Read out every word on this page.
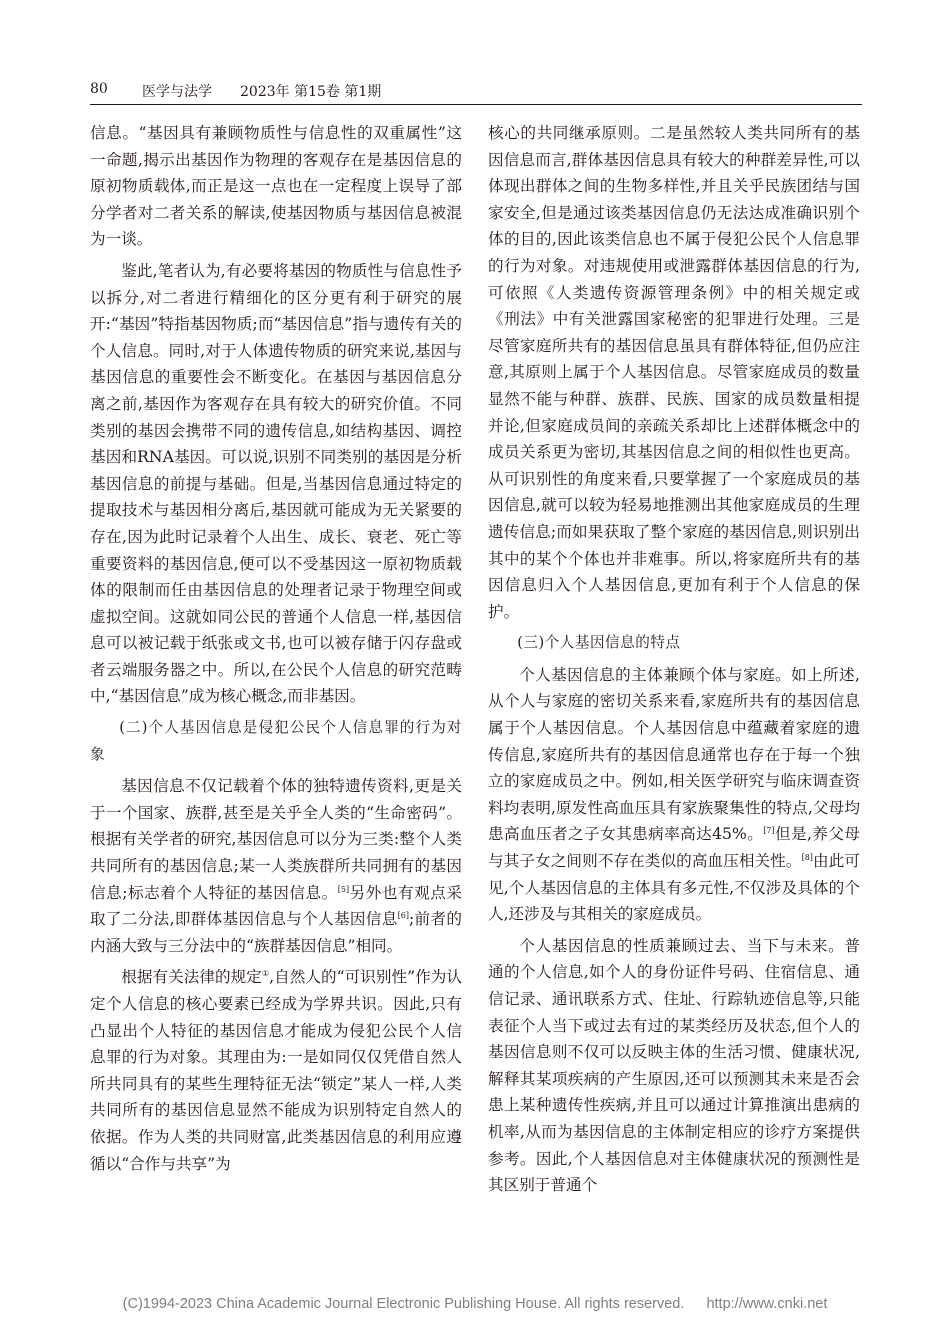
80 医学与法学 2023年 第15卷 第1期

信息。“基因具有兼顾物质性与信息性的双重属性”这一命题,揭示出基因作为物理的客观存在是基因信息的原初物质载体,而正是这一点也在一定程度上误导了部分学者对二者关系的解读,使基因物质与基因信息被混为一谈。

鉴此,笔者认为,有必要将基因的物质性与信息性予以拆分,对二者进行精细化的区分更有利于研究的展开:“基因”特指基因物质;而“基因信息”指与遗传有关的个人信息。同时,对于人体遗传物质的研究来说,基因与基因信息的重要性会不断变化。在基因与基因信息分离之前,基因作为客观存在具有较大的研究价值。不同类别的基因会携带不同的遗传信息,如结构基因、调控基因和RNA基因。可以说,识别不同类别的基因是分析基因信息的前提与基础。但是,当基因信息通过特定的提取技术与基因相分离后,基因就可能成为无关紧要的存在,因为此时记录着个人出生、成长、衰老、死亡等重要资料的基因信息,便可以不受基因这一原初物质载体的限制而任由基因信息的处理者记录于物理空间或虚拟空间。这就如同公民的普通个人信息一样,基因信息可以被记载于纸张或文书,也可以被存储于闪存盘或者云端服务器之中。所以,在公民个人信息的研究范畴中,“基因信息”成为核心概念,而非基因。

(二)个人基因信息是侵犯公民个人信息罪的行为对象

基因信息不仅记载着个体的独特遗传资料,更是关于一个国家、族群,甚至是关乎全人类的“生命密码”。根据有关学者的研究,基因信息可以分为三类:整个人类共同所有的基因信息;某一人类族群所共同拥有的基因信息;标志着个人特征的基因信息。[5]另外也有观点采取了二分法,即群体基因信息与个人基因信息[6];前者的内涵大致与三分法中的“族群基因信息”相同。

根据有关法律的规定①,自然人的“可识别性”作为认定个人信息的核心要素已经成为学界共识。因此,只有凸显出个人特征的基因信息才能成为侵犯公民个人信息罪的行为对象。其理由为:一是如同仅仅凭借自然人所共同具有的某些生理特征无法“锁定”某人一样,人类共同所有的基因信息显然不能成为识别特定自然人的依据。作为人类的共同财富,此类基因信息的利用应遵循以“合作与共享”为

核心的共同继承原则。二是虽然较人类共同所有的基因信息而言,群体基因信息具有较大的种群差异性,可以体现出群体之间的生物多样性,并且关乎民族团结与国家安全,但是通过该类基因信息仍无法达成准确识别个体的目的,因此该类信息也不属于侵犯公民个人信息罪的行为对象。对违规使用或泄露群体基因信息的行为,可依照《人类遗传资源管理条例》中的相关规定或《刑法》中有关泄露国家秘密的犯罪进行处理。三是尽管家庭所共有的基因信息虽具有群体特征,但仍应注意,其原则上属于个人基因信息。尽管家庭成员的数量显然不能与种群、族群、民族、国家的成员数量相提并论,但家庭成员间的亲疏关系却比上述群体概念中的成员关系更为密切,其基因信息之间的相似性也更高。从可识别性的角度来看,只要掌握了一个家庭成员的基因信息,就可以较为轻易地推测出其他家庭成员的生理遗传信息;而如果获取了整个家庭的基因信息,则识别出其中的某个个体也并非难事。所以,将家庭所共有的基因信息归入个人基因信息,更加有利于个人信息的保护。

(三)个人基因信息的特点

个人基因信息的主体兼顾个体与家庭。如上所述,从个人与家庭的密切关系来看,家庭所共有的基因信息属于个人基因信息。个人基因信息中蕴藏着家庭的遗传信息,家庭所共有的基因信息通常也存在于每一个独立的家庭成员之中。例如,相关医学研究与临床调查资料均表明,原发性高血压具有家族聚集性的特点,父母均患高血压者之子女其患病率高达45%。[7]但是,养父母与其子女之间则不存在类似的高血压相关性。[8]由此可见,个人基因信息的主体具有多元性,不仅涉及具体的个人,还涉及与其相关的家庭成员。

个人基因信息的性质兼顾过去、当下与未来。普通的个人信息,如个人的身份证件号码、住宿信息、通信记录、通讯联系方式、住址、行踪轨迹信息等,只能表征个人当下或过去有过的某类经历及状态,但个人的基因信息则不仅可以反映主体的生活习惯、健康状况,解释其某项疾病的产生原因,还可以预测其未来是否会患上某种遗传性疾病,并且可以通过计算推演出患病的机率,从而为基因信息的主体制定相应的诊疗方案提供参考。因此,个人基因信息对主体健康状况的预测性是其区别于普通个

(C)1994-2023 China Academic Journal Electronic Publishing House. All rights reserved. http://www.cnki.net
